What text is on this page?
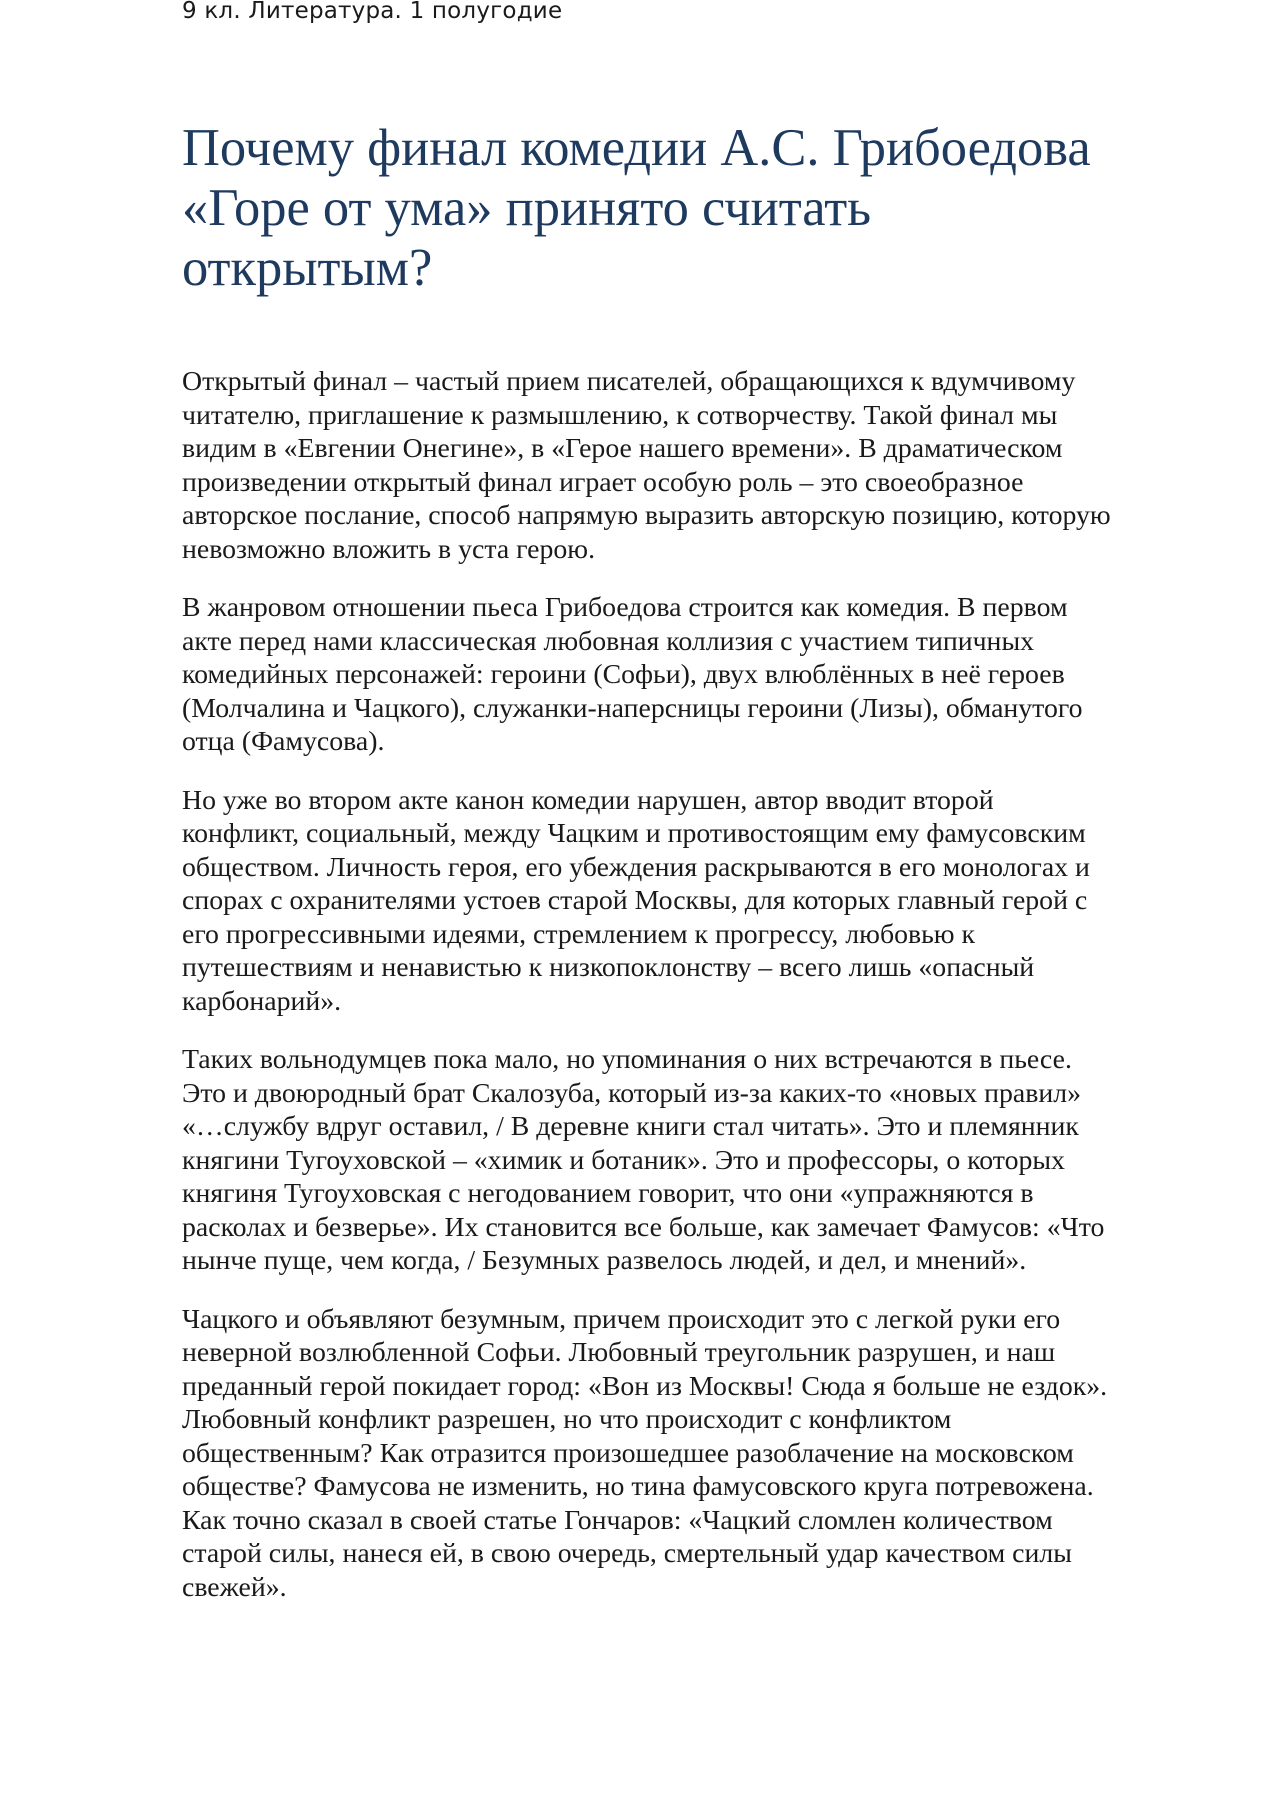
9 кл. Литература. 1 полугодие
Почему финал комедии А.С. Грибоедова
«Горе от ума» принято считать
открытым?

Открытый финал – частый прием писателей, обращающихся к вдумчивому
читателю, приглашение к размышлению, к сотворчеству. Такой финал мы
видим в «Евгении Онегине», в «Герое нашего времени». В драматическом
произведении открытый финал играет особую роль – это своеобразное
авторское послание, способ напрямую выразить авторскую позицию, которую
невозможно вложить в уста герою.

В жанровом отношении пьеса Грибоедова строится как комедия. В первом
акте перед нами классическая любовная коллизия с участием типичных
комедийных персонажей: героини (Софьи), двух влюблённых в неё героев
(Молчалина и Чацкого), служанки-наперсницы героини (Лизы), обманутого
отца (Фамусова).

Но уже во втором акте канон комедии нарушен, автор вводит второй
конфликт, социальный, между Чацким и противостоящим ему фамусовским
обществом. Личность героя, его убеждения раскрываются в его монологах и
спорах с охранителями устоев старой Москвы, для которых главный герой с
его прогрессивными идеями, стремлением к прогрессу, любовью к
путешествиям и ненавистью к низкопоклонству – всего лишь «опасный
карбонарий».

Таких вольнодумцев пока мало, но упоминания о них встречаются в пьесе.
Это и двоюродный брат Скалозуба, который из-за каких-то «новых правил»
«…службу вдруг оставил, / В деревне книги стал читать». Это и племянник
княгини Тугоуховской – «химик и ботаник». Это и профессоры, о которых
княгиня Тугоуховская с негодованием говорит, что они «упражняются в
расколах и безверье». Их становится все больше, как замечает Фамусов: «Что
нынче пуще, чем когда, / Безумных развелось людей, и дел, и мнений».

Чацкого и объявляют безумным, причем происходит это с легкой руки его
неверной возлюбленной Софьи. Любовный треугольник разрушен, и наш
преданный герой покидает город: «Вон из Москвы! Сюда я больше не ездок».
Любовный конфликт разрешен, но что происходит с конфликтом
общественным? Как отразится произошедшее разоблачение на московском
обществе? Фамусова не изменить, но тина фамусовского круга потревожена.
Как точно сказал в своей статье Гончаров: «Чацкий сломлен количеством
старой силы, нанеся ей, в свою очередь, смертельный удар качеством силы
свежей».
